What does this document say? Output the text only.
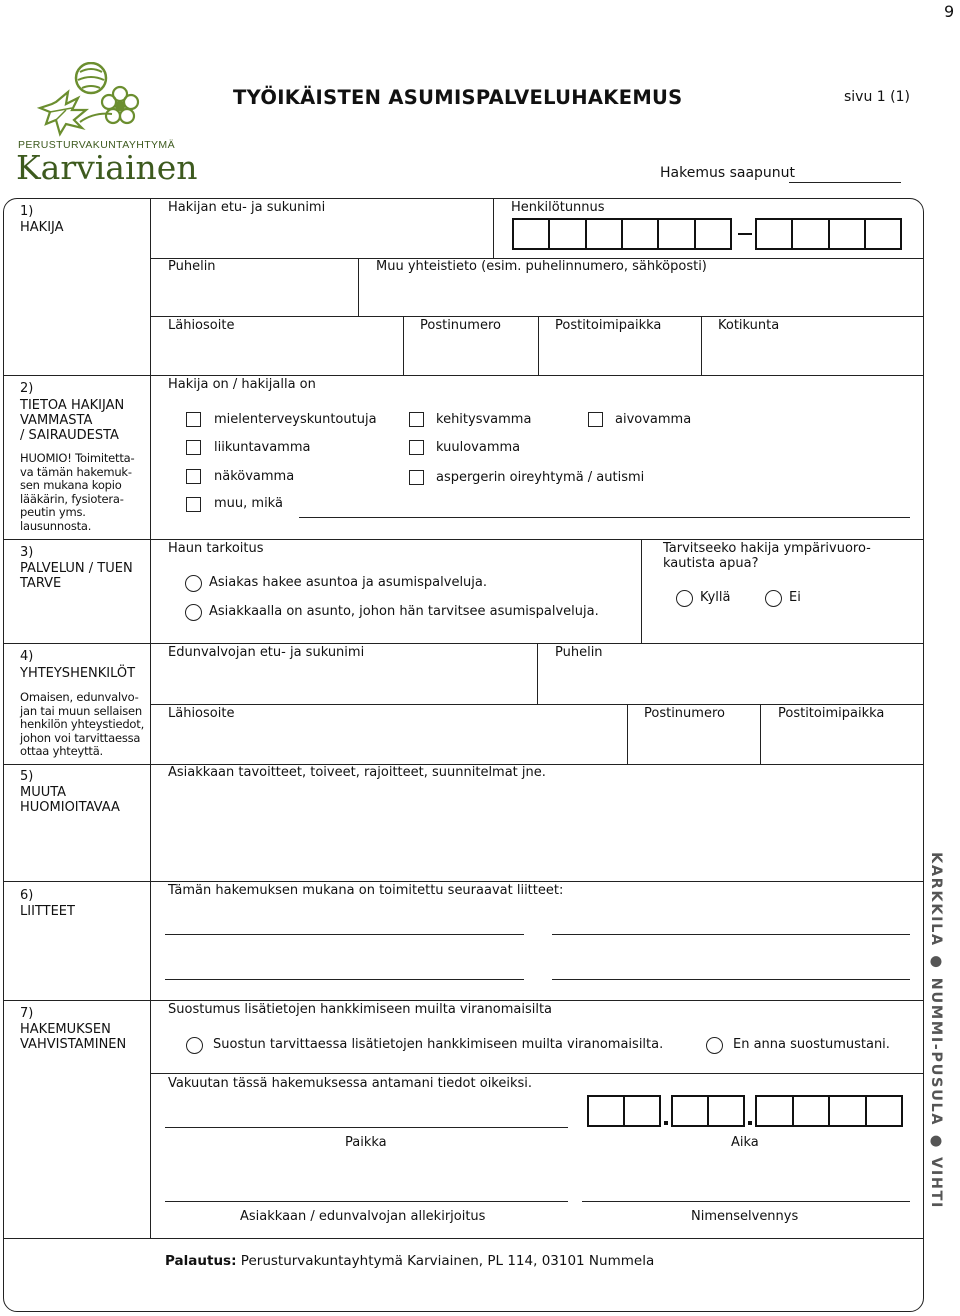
9
PERUSTURVAKUNTAYHTYMÄ
Karviainen
TYÖIKÄISTEN ASUMISPALVELUHAKEMUS	sivu 1 (1)
Hakemus saapunut
1)
HAKIJA
Hakijan etu- ja sukunimi	Henkilötunnus
Puhelin	Muu yhteistieto (esim. puhelinnumero, sähköposti)
Lähiosoite	Postinumero	Postitoimipaikka	Kotikunta
2)
TIETOA HAKIJAN
VAMMASTA
/ SAIRAUDESTA
HUOMIO! Toimitetta-
va tämän hakemuk-
sen mukana kopio
lääkärin, fysiotera-
peutin yms.
lausunnosta.
Hakija on / hakijalla on
mielenterveyskuntoutuja	kehitysvamma	aivovamma
liikuntavamma	kuulovamma
näkövamma	aspergerin oireyhtymä / autismi
muu, mikä
3)
PALVELUN / TUEN
TARVE
Haun tarkoitus
Asiakas hakee asuntoa ja asumispalveluja.
Asiakkaalla on asunto, johon hän tarvitsee asumispalveluja.
Tarvitseeko hakija ympärivuoro-
kautista apua?
Kyllä	Ei
4)
YHTEYSHENKILÖT
Omaisen, edunvalvo-
jan tai muun sellaisen
henkilön yhteystiedot,
johon voi tarvittaessa
ottaa yhteyttä.
Edunvalvojan etu- ja sukunimi	Puhelin
Lähiosoite	Postinumero	Postitoimipaikka
5)
MUUTA
HUOMIOITAVAA
Asiakkaan tavoitteet, toiveet, rajoitteet, suunnitelmat jne.
6)
LIITTEET
Tämän hakemuksen mukana on toimitettu seuraavat liitteet:
7)
HAKEMUKSEN
VAHVISTAMINEN
Suostumus lisätietojen hankkimiseen muilta viranomaisilta
Suostun tarvittaessa lisätietojen hankkimiseen muilta viranomaisilta.	En anna suostumustani.
Vakuutan tässä hakemuksessa antamani tiedot oikeiksi.
Paikka	Aika
Asiakkaan / edunvalvojan allekirjoitus	Nimenselvennys
Palautus: Perusturvakuntayhtymä Karviainen, PL 114, 03101 Nummela
KARKKILA ● NUMMI-PUSULA ● VIHTI
